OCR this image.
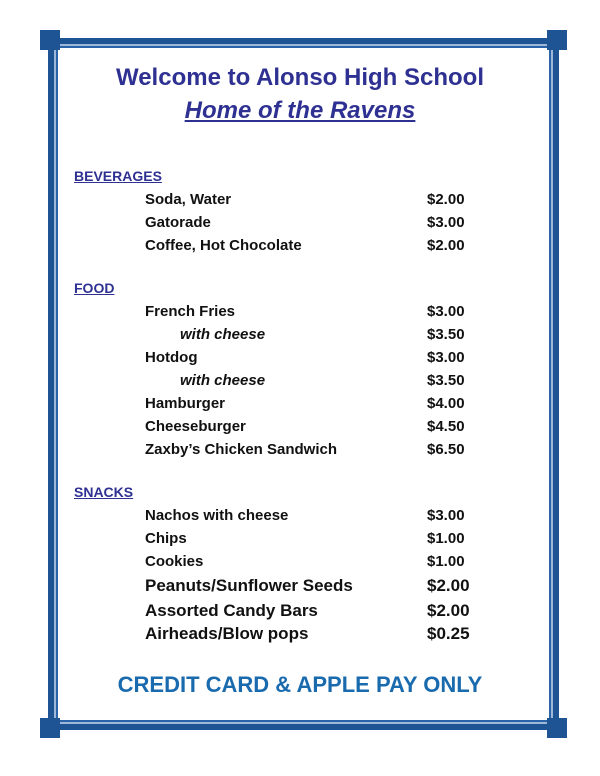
Welcome to Alonso High School
Home of the Ravens
BEVERAGES
Soda, Water	$2.00
Gatorade	$3.00
Coffee, Hot Chocolate	$2.00
FOOD
French Fries	$3.00
with cheese	$3.50
Hotdog	$3.00
with cheese	$3.50
Hamburger	$4.00
Cheeseburger	$4.50
Zaxby’s Chicken Sandwich	$6.50
SNACKS
Nachos with cheese	$3.00
Chips	$1.00
Cookies	$1.00
Peanuts/Sunflower Seeds	$2.00
Assorted Candy Bars	$2.00
Airheads/Blow pops	$0.25
CREDIT CARD & APPLE PAY ONLY
